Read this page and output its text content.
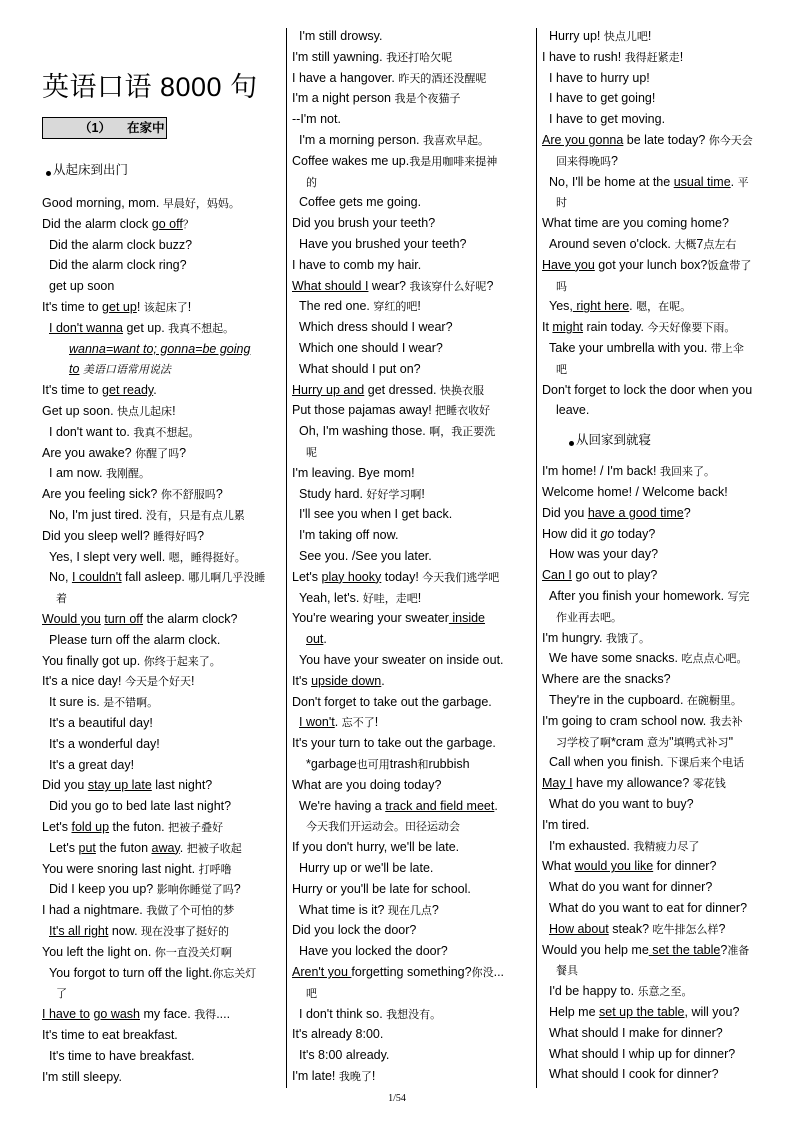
英语口语 8000 句
（1） 在家中
从起床到出门
Good morning, mom. 早晨好，妈妈。
Did the alarm clock go off？
Did the alarm clock buzz?
Did the alarm clock ring?
get up soon
It's time to get up! 该起床了!
I don't wanna get up. 我真不想起。
wanna=want to; gonna=be going
to 美语口语常用说法
It's time to get ready.
Get up soon. 快点儿起床!
I don't want to. 我真不想起。
Are you awake? 你醒了吗?
I am now. 我刚醒。
Are you feeling sick? 你不舒服吗?
No, I'm just tired. 没有，只是有点儿累
Did you sleep well? 睡得好吗?
Yes, I slept very well. 嗯，睡得挺好。
No, I couldn't fall asleep. 哪儿啊几乎没睡
着
Would you turn off the alarm clock?
Please turn off the alarm clock.
You finally got up. 你终于起来了。
It's a nice day! 今天是个好天!
It sure is. 是不错啊。
It's a beautiful day!
It's a wonderful day!
It's a great day!
Did you stay up late last night?
Did you go to bed late last night?
Let's fold up the futon. 把被子叠好
Let's put the futon away. 把被子收起
You were snoring last night. 打呼噜
Did I keep you up? 影响你睡觉了吗?
I had a nightmare. 我做了个可怕的梦
It's all right now. 现在没事了挺好的
You left the light on. 你一直没关灯啊
You forgot to turn off the light.你忘关灯
了
I have to go wash my face. 我得....
It's time to eat breakfast.
It's time to have breakfast.
I'm still sleepy.
I'm still drowsy.
I'm still yawning. 我还打哈欠呢
I have a hangover. 昨天的酒还没醒呢
I'm a night person 我是个夜猫子
--I'm not.
I'm a morning person. 我喜欢早起。
Coffee wakes me up.我是用咖啡来提神
的
Coffee gets me going.
Did you brush your teeth?
Have you brushed your teeth?
I have to comb my hair.
What should I wear? 我该穿什么好呢?
The red one. 穿红的吧!
Which dress should I wear?
Which one should I wear?
What should I put on?
Hurry up and get dressed. 快换衣服
Put those pajamas away! 把睡衣收好
Oh, I'm washing those. 啊，我正要洗
呢
I'm leaving. Bye mom!
Study hard. 好好学习啊!
I'll see you when I get back.
I'm taking off now.
See you. /See you later.
Let's play hooky today! 今天我们逃学吧
Yeah, let's. 好哇，走吧!
You're wearing your sweater inside
out.
You have your sweater on inside out.
It's upside down.
Don't forget to take out the garbage.
I won't. 忘不了!
It's your turn to take out the garbage.
*garbage也可用trash和rubbish
What are you doing today?
We're having a track and field meet.
今天我们开运动会。田径运动会
If you don't hurry, we'll be late.
Hurry up or we'll be late.
Hurry or you'll be late for school.
What time is it? 现在几点?
Did you lock the door?
Have you locked the door?
Aren't you forgetting something?你没...
吧
I don't think so. 我想没有。
It's already 8:00.
It's 8:00 already.
I'm late! 我晚了!
Hurry up! 快点儿吧!
I have to rush! 我得赶紧走!
I have to hurry up!
I have to get going!
I have to get moving.
Are you gonna be late today? 你今天会
回来得晚吗?
No, I'll be home at the usual time. 平
时
What time are you coming home?
Around seven o'clock. 大概7点左右
Have you got your lunch box?饭盒带了
吗
Yes, right here. 嗯，在呢。
It might rain today. 今天好像要下雨。
Take your umbrella with you. 带上伞
吧
Don't forget to lock the door when you
leave.
I'm home! / I'm back! 我回来了。
Welcome home! / Welcome back!
Did you have a good time?
How did it go today?
How was your day?
Can I go out to play?
After you finish your homework. 写完
作业再去吧。
I'm hungry. 我饿了。
We have some snacks. 吃点点心吧。
Where are the snacks?
They're in the cupboard. 在碗橱里。
I'm going to cram school now. 我去补
习学校了啊*cram 意为"填鸭式补习"
Call when you finish. 下课后来个电话
May I have my allowance? 零花钱
What do you want to buy?
I'm tired.
I'm exhausted. 我精疲力尽了
What would you like for dinner?
What do you want for dinner?
What do you want to eat for dinner?
How about steak? 吃牛排怎么样?
Would you help me set the table?准备
餐具
I'd be happy to. 乐意之至。
Help me set up the table, will you?
What should I make for dinner?
What should I whip up for dinner?
What should I cook for dinner?
从回家到就寝
1/54
